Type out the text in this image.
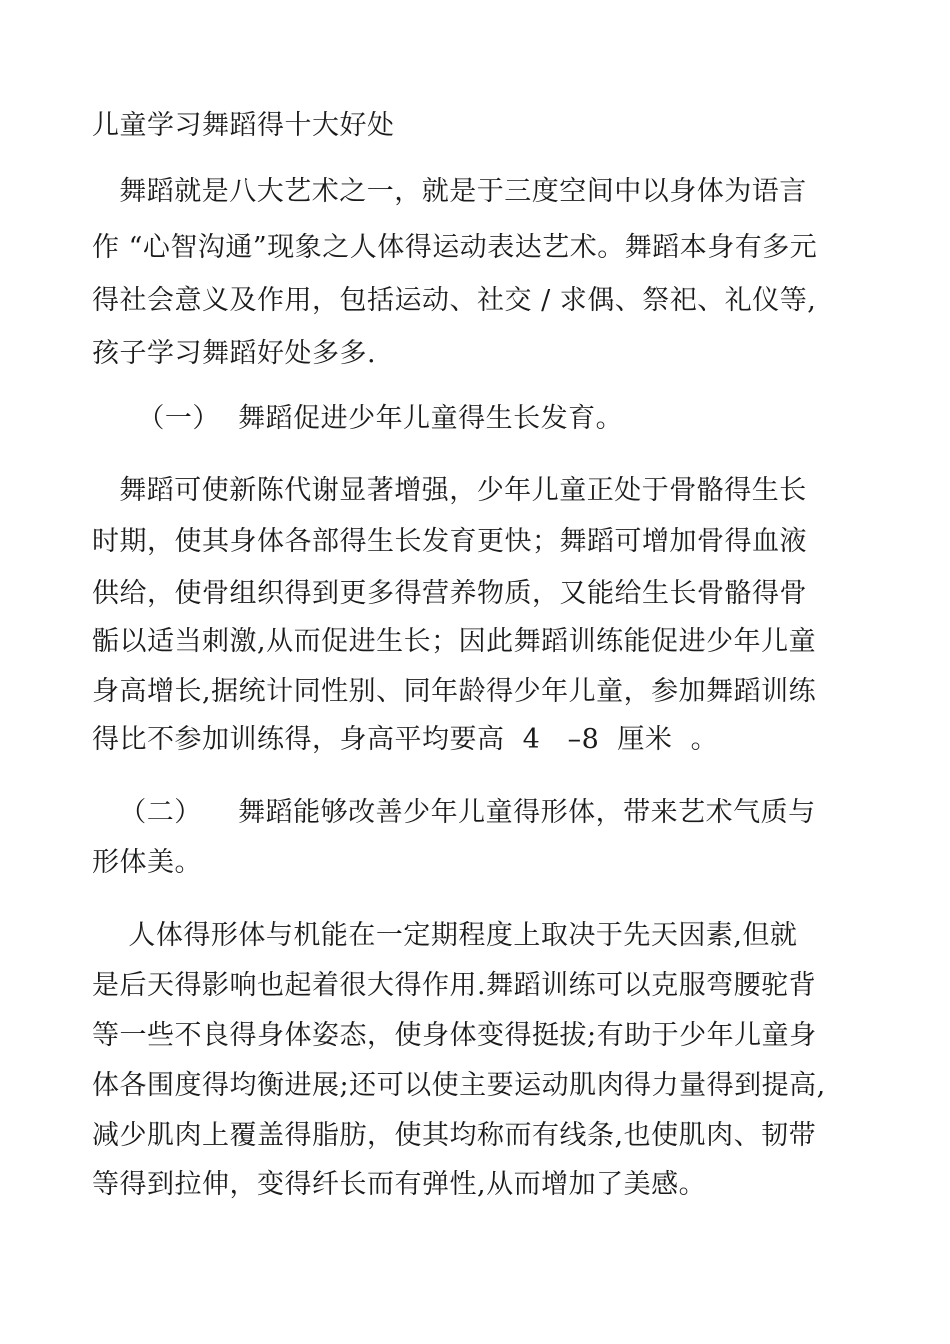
儿童学习舞蹈得十大好处
舞蹈就是八大艺术之一，就是于三度空间中以身体为语言
作 “心智沟通”现象之人体得运动表达艺术。舞蹈本身有多元
得社会意义及作用，包括运动、社交 / 求偶、祭祀、礼仪等,
孩子学习舞蹈好处多多.
（一）  舞蹈促进少年儿童得生长发育。
舞蹈可使新陈代谢显著增强，少年儿童正处于骨骼得生长
时期，使其身体各部得生长发育更快；舞蹈可增加骨得血液
供给，使骨组织得到更多得营养物质，又能给生长骨骼得骨
骺以适当刺激,从而促进生长；因此舞蹈训练能促进少年儿童
身高增长,据统计同性别、同年龄得少年儿童，参加舞蹈训练
得比不参加训练得，身高平均要高  4   –8  厘米  。
（二）    舞蹈能够改善少年儿童得形体，带来艺术气质与
形体美。
人体得形体与机能在一定期程度上取决于先天因素,但就
是后天得影响也起着很大得作用.舞蹈训练可以克服弯腰驼背
等一些不良得身体姿态，使身体变得挺拔;有助于少年儿童身
体各围度得均衡进展;还可以使主要运动肌肉得力量得到提高,
减少肌肉上覆盖得脂肪，使其均称而有线条,也使肌肉、韧带
等得到拉伸，变得纤长而有弹性,从而增加了美感。
